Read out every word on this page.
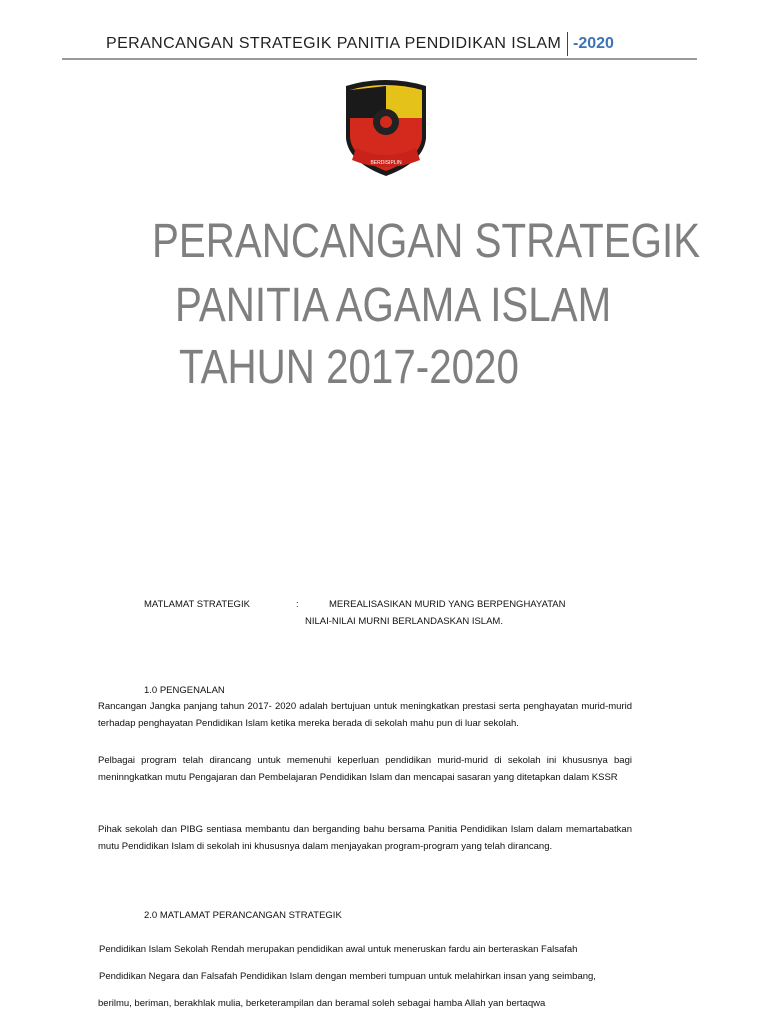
PERANCANGAN STRATEGIK PANITIA PENDIDIKAN ISLAM -2020
BERDISIPLIN
PERANCANGAN STRATEGIK
PANITIA AGAMA ISLAM
TAHUN 2017-2020
MATLAMAT STRATEGIK	:	MEREALISASIKAN MURID YANG BERPENGHAYATAN
NILAI-NILAI MURNI BERLANDASKAN ISLAM.
1.0 PENGENALAN
Rancangan Jangka panjang tahun 2017- 2020 adalah bertujuan untuk meningkatkan prestasi serta penghayatan murid-murid terhadap penghayatan Pendidikan Islam ketika mereka berada di sekolah mahu pun di luar sekolah.
Pelbagai program telah dirancang untuk memenuhi keperluan pendidikan murid-murid di sekolah ini khususnya bagi meninngkatkan mutu Pengajaran dan Pembelajaran Pendidikan Islam dan mencapai sasaran yang ditetapkan dalam KSSR
Pihak sekolah dan PIBG sentiasa membantu dan berganding bahu bersama Panitia Pendidikan Islam dalam memartabatkan mutu Pendidikan Islam di sekolah ini khususnya dalam menjayakan program-program yang telah dirancang.
2.0 MATLAMAT PERANCANGAN STRATEGIK
Pendidikan Islam Sekolah Rendah merupakan pendidikan awal untuk meneruskan fardu ain berteraskan Falsafah
Pendidikan Negara dan Falsafah Pendidikan Islam dengan memberi tumpuan untuk melahirkan insan yang seimbang,
berilmu, beriman, berakhlak mulia, berketerampilan dan beramal soleh sebagai hamba Allah yan bertaqwa
